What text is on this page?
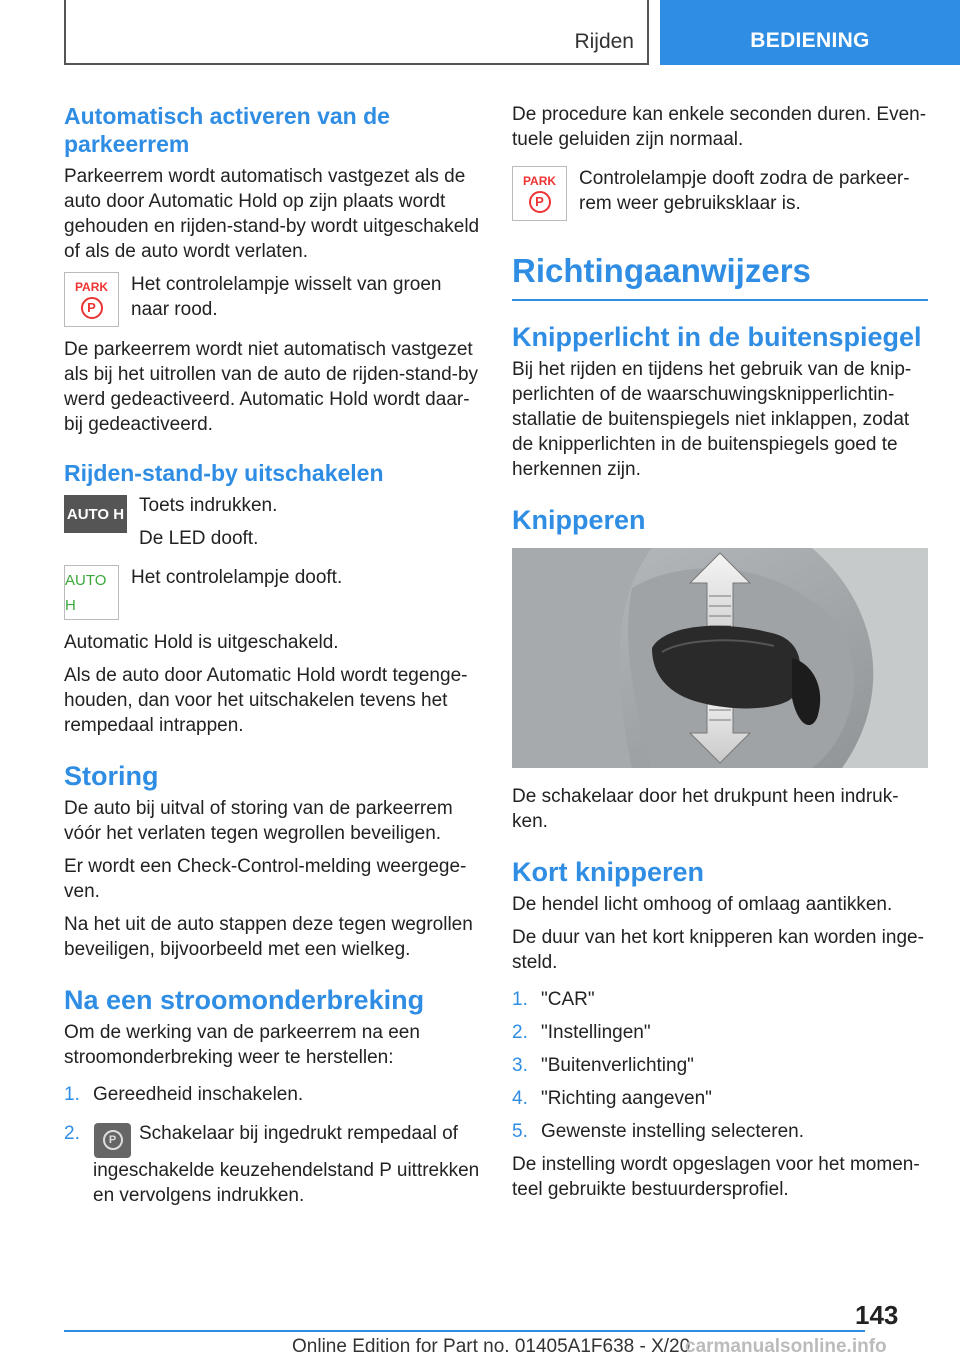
Rijden	BEDIENING
Automatisch activeren van de parkeerrem

Parkeerrem wordt automatisch vastgezet als de auto door Automatic Hold op zijn plaats wordt gehouden en rijden-stand-by wordt uitgeschakeld of als de auto wordt verlaten.

PARK
P
Het controlelampje wisselt van groen naar rood.

De parkeerrem wordt niet automatisch vastgezet als bij het uitrollen van de auto de rijden-stand-by werd gedeactiveerd. Automatic Hold wordt daarbij gedeactiveerd.

Rijden-stand-by uitschakelen
AUTO H Toets indrukken.
De LED dooft.
AUTO H
Het controlelampje dooft.

Automatic Hold is uitgeschakeld.

Als de auto door Automatic Hold wordt tegengehouden, dan voor het uitschakelen tevens het rempedaal intrappen.

Storing

De auto bij uitval of storing van de parkeerrem vóór het verlaten tegen wegrollen beveiligen.

Er wordt een Check-Control-melding weergegeven.

Na het uit de auto stappen deze tegen wegrollen beveiligen, bijvoorbeeld met een wielkeg.

Na een stroomonderbreking

Om de werking van de parkeerrem na een stroomonderbreking weer te herstellen:

1. Gereedheid inschakelen.
2.	P	Schakelaar bij ingedrukt rempedaal of ingeschakelde keuzehendelstand P uittrekken en vervolgens indrukken.

De procedure kan enkele seconden duren. Eventuele geluiden zijn normaal.

PARK
P
Controlelampje dooft zodra de parkeerrem weer gebruiksklaar is.
Richtingaanwijzers
Knipperlicht in de buitenspiegel

Bij het rijden en tijdens het gebruik van de knipperlichten of de waarschuwingsknipperlichtinstallatie de buitenspiegels niet inklappen, zodat de knipperlichten in de buitenspiegels goed te herkennen zijn.

Knipperen

De schakelaar door het drukpunt heen indrukken.

Kort knipperen

De hendel licht omhoog of omlaag aantikken.

De duur van het kort knipperen kan worden ingesteld.

1. "CAR"
2. "Instellingen"
3. "Buitenverlichting"
4. "Richting aangeven"
5. Gewenste instelling selecteren.

De instelling wordt opgeslagen voor het momenteel gebruikte bestuurdersprofiel.

143
Online Edition for Part no. 01405A1F638 - X/20
carmanualsonline.info
